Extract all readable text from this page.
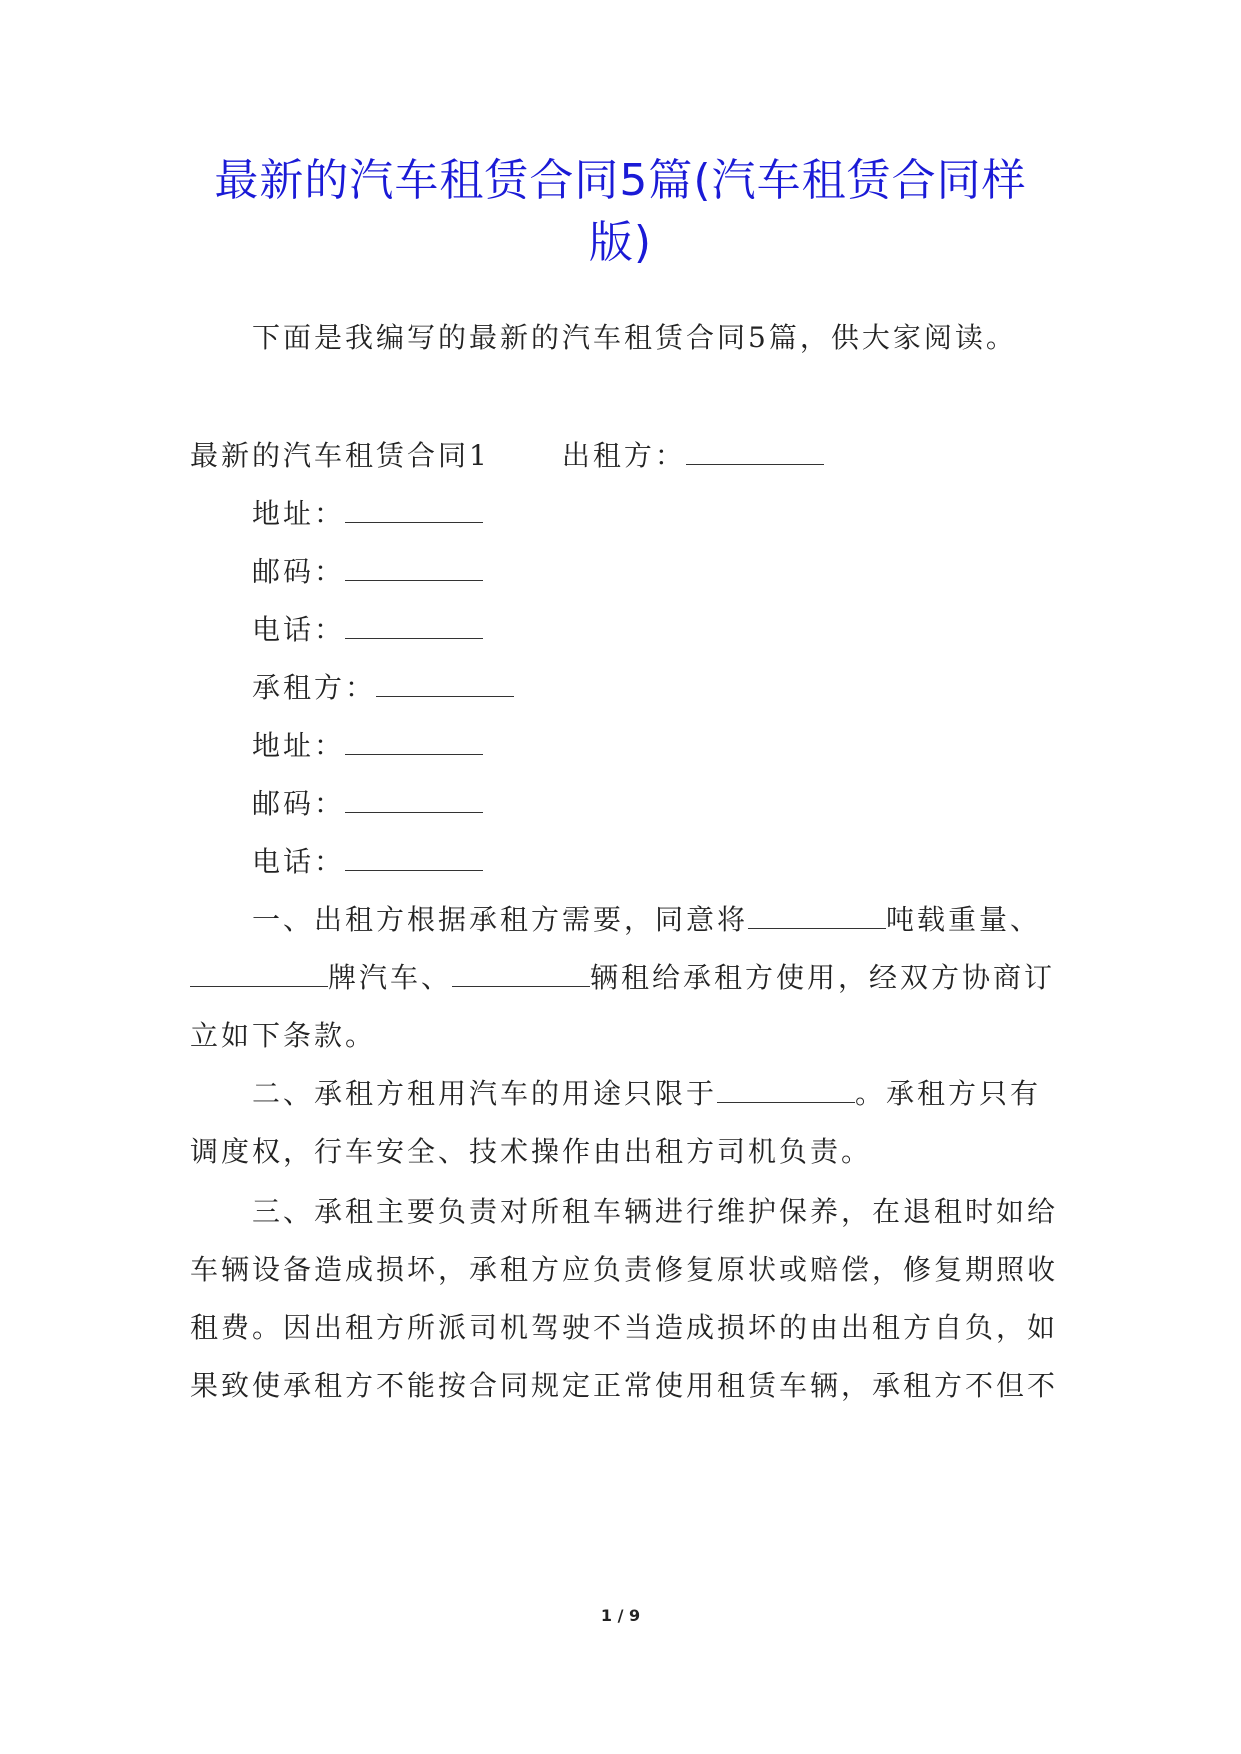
最新的汽车租赁合同5篇(汽车租赁合同样
版)
下面是我编写的最新的汽车租赁合同5篇，供大家阅读。
最新的汽车租赁合同1	出租方：
地址：
邮码：
电话：
承租方：
地址：
邮码：
电话：
一、出租方根据承租方需要，同意将	吨载重量、
牌汽车、	辆租给承租方使用，经双方协商订
立如下条款。
二、承租方租用汽车的用途只限于	。承租方只有
调度权，行车安全、技术操作由出租方司机负责。
三、承租主要负责对所租车辆进行维护保养，在退租时如给
车辆设备造成损坏，承租方应负责修复原状或赔偿，修复期照收
租费。因出租方所派司机驾驶不当造成损坏的由出租方自负，如
果致使承租方不能按合同规定正常使用租赁车辆，承租方不但不
1 / 9
